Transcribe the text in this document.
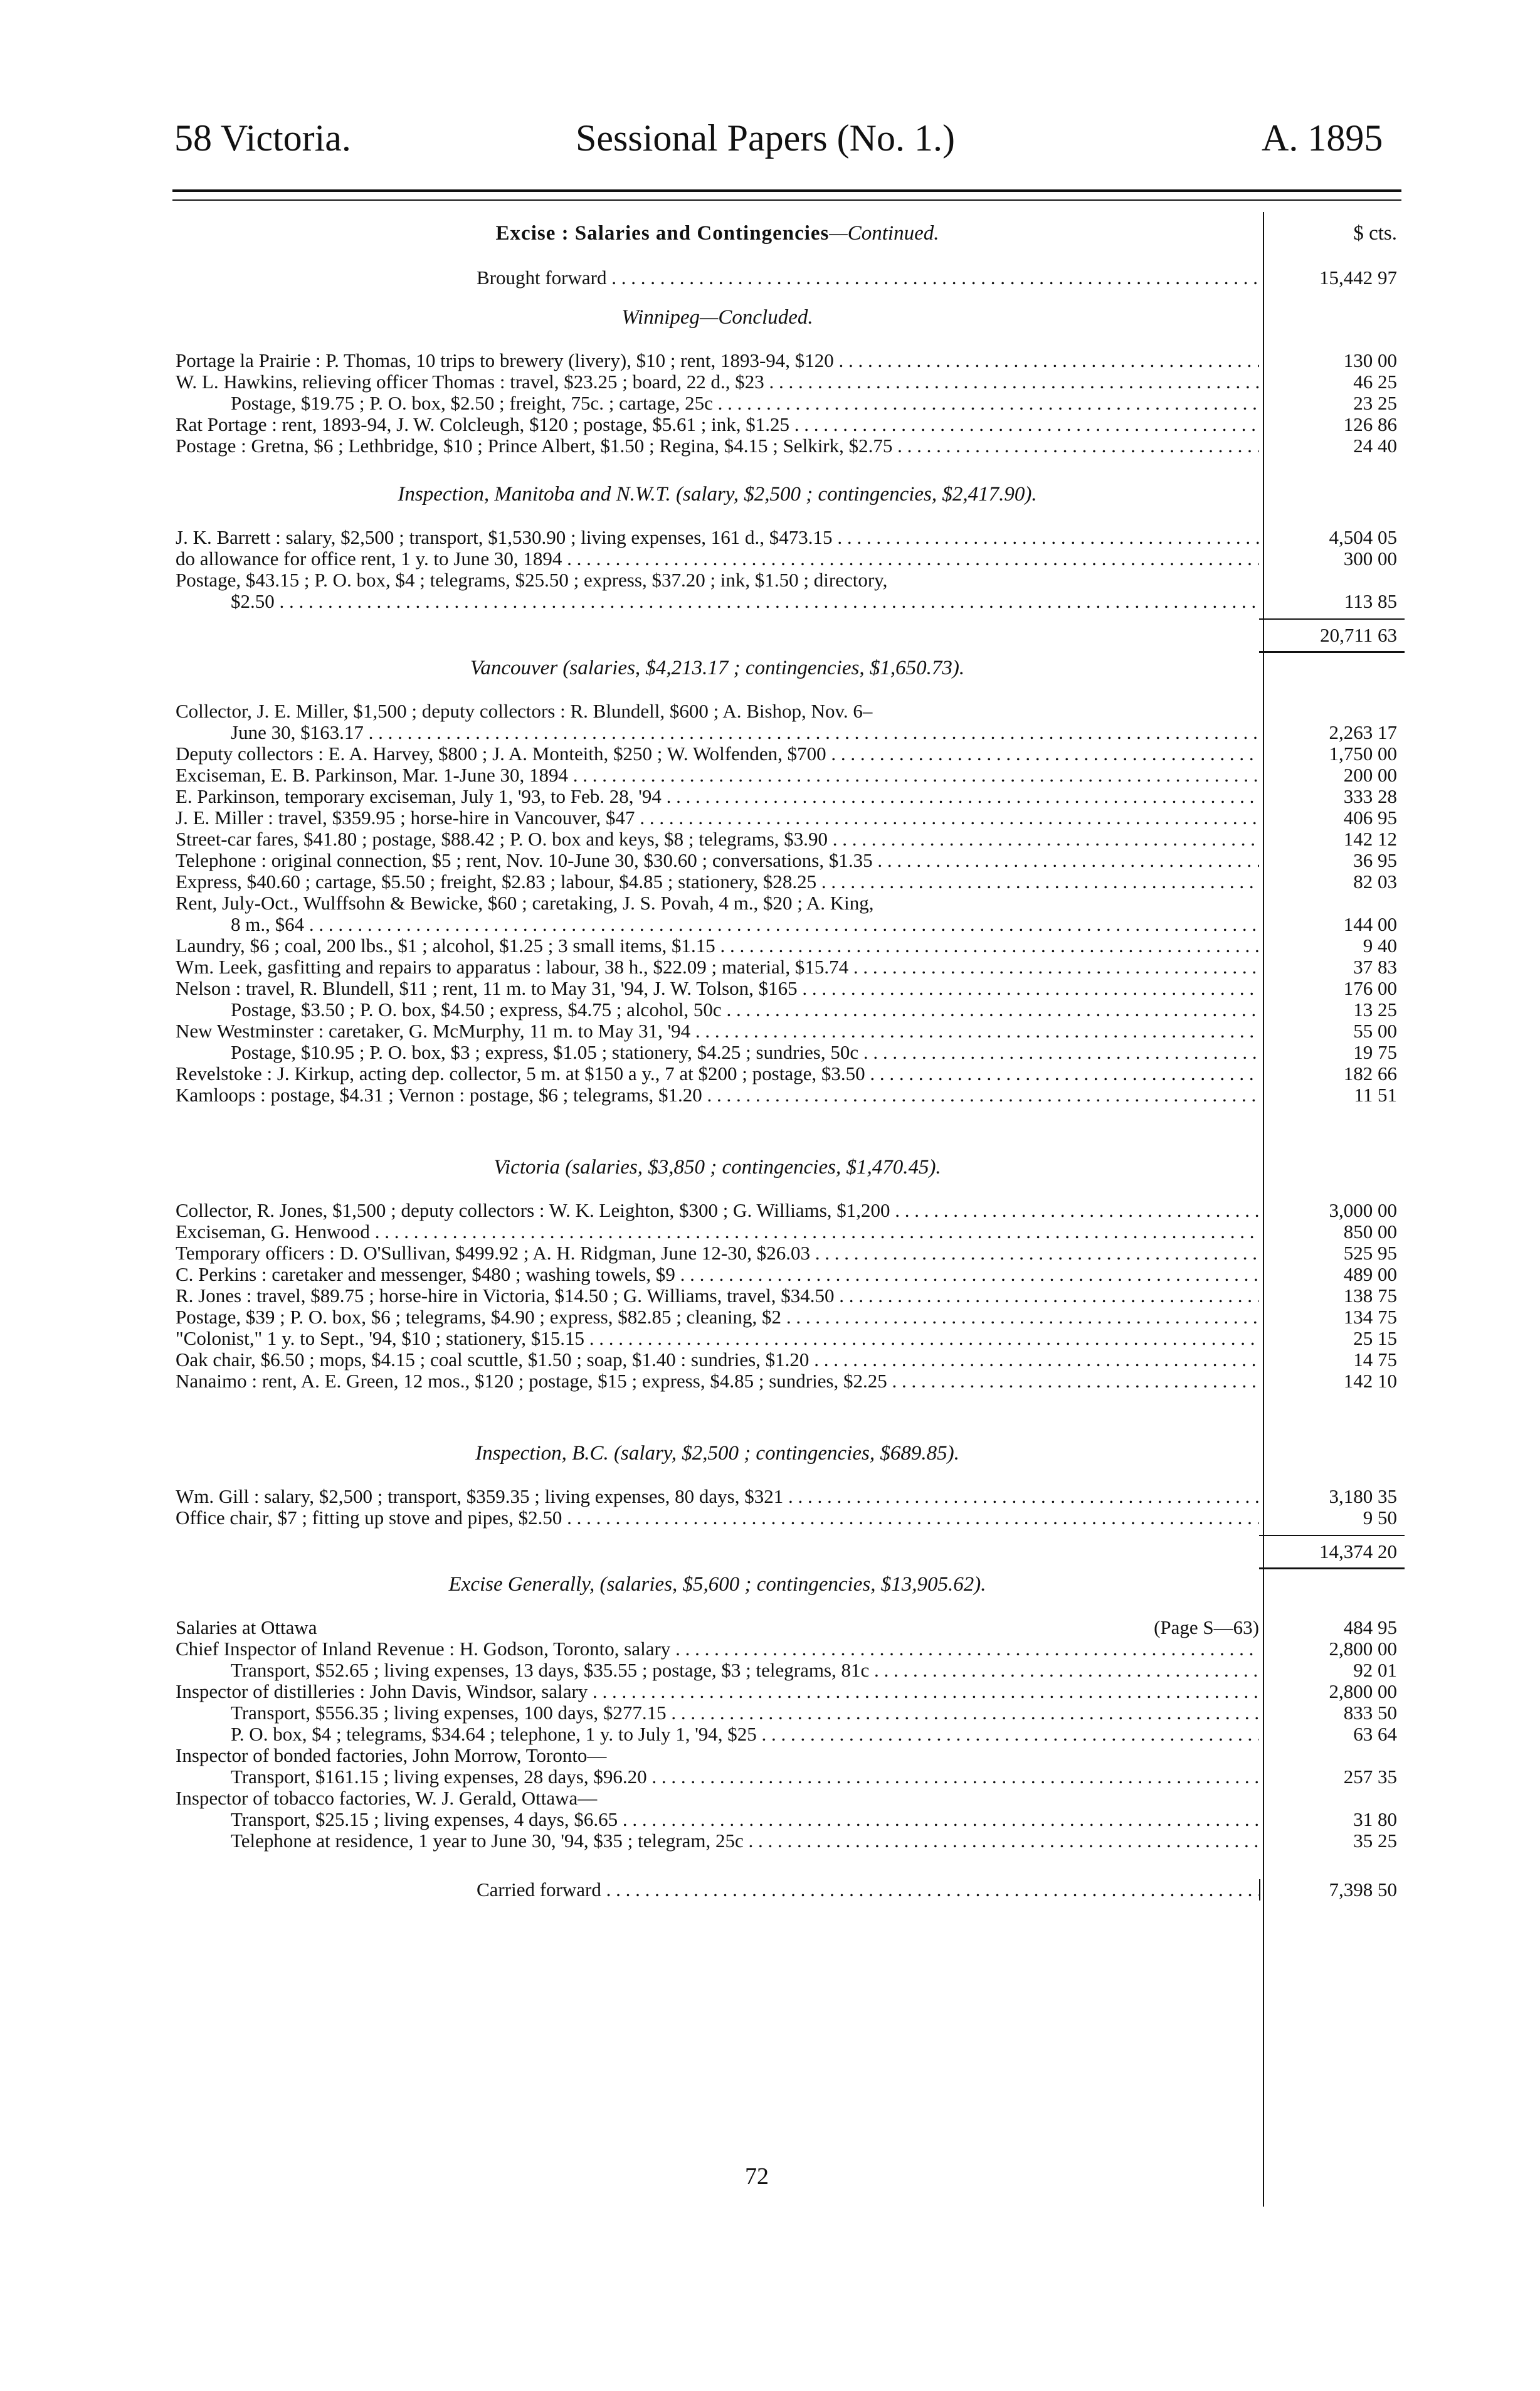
58 Victoria.	Sessional Papers (No. 1.)	A. 1895
Excise : Salaries and Contingencies—Continued.	$ cts.
Brought forward . . .	15,442 97
Winnipeg—Concluded.
Portage la Prairie : P. Thomas, 10 trips to brewery (livery), $10 ; rent, 1893-94, $120 . . .	130 00
W. L. Hawkins, relieving officer Thomas : travel, $23.25 ; board, 22 d., $23 . . .	46 25
Postage, $19.75 ; P. O. box, $2.50 ; freight, 75c. ; cartage, 25c . . .	23 25
Rat Portage : rent, 1893-94, J. W. Colcleugh, $120 ; postage, $5.61 ; ink, $1.25 . . .	126 86
Postage : Gretna, $6 ; Lethbridge, $10 ; Prince Albert, $1.50 ; Regina, $4.15 ; Selkirk, $2.75 . . .	24 40
Inspection, Manitoba and N.W.T. (salary, $2,500 ; contingencies, $2,417.90).
J. K. Barrett : salary, $2,500 ; transport, $1,530.90 ; living expenses, 161 d., $473.15 . . .	4,504 05
do allowance for office rent, 1 y. to June 30, 1894 . . .	300 00
Postage, $43.15 ; P. O. box, $4 ; telegrams, $25.50 ; express, $37.20 ; ink, $1.50 ; directory,
$2.50 . . .	113 85
20,711 63
Vancouver (salaries, $4,213.17 ; contingencies, $1,650.73).
Collector, J. E. Miller, $1,500 ; deputy collectors : R. Blundell, $600 ; A. Bishop, Nov. 6–
June 30, $163.17 . . .	2,263 17
Deputy collectors : E. A. Harvey, $800 ; J. A. Monteith, $250 ; W. Wolfenden, $700 . . .	1,750 00
Exciseman, E. B. Parkinson, Mar. 1-June 30, 1894 . . .	200 00
E. Parkinson, temporary exciseman, July 1, '93, to Feb. 28, '94 . . .	333 28
J. E. Miller : travel, $359.95 ; horse-hire in Vancouver, $47 . . .	406 95
Street-car fares, $41.80 ; postage, $88.42 ; P. O. box and keys, $8 ; telegrams, $3.90 . . .	142 12
Telephone : original connection, $5 ; rent, Nov. 10-June 30, $30.60 ; conversations, $1.35 . . .	36 95
Express, $40.60 ; cartage, $5.50 ; freight, $2.83 ; labour, $4.85 ; stationery, $28.25 . . .	82 03
Rent, July-Oct., Wulffsohn & Bewicke, $60 ; caretaking, J. S. Povah, 4 m., $20 ; A. King,
8 m., $64 . . .	144 00
Laundry, $6 ; coal, 200 lbs., $1 ; alcohol, $1.25 ; 3 small items, $1.15 . . .	9 40
Wm. Leek, gasfitting and repairs to apparatus : labour, 38 h., $22.09 ; material, $15.74 . . .	37 83
Nelson : travel, R. Blundell, $11 ; rent, 11 m. to May 31, '94, J. W. Tolson, $165 . . .	176 00
Postage, $3.50 ; P. O. box, $4.50 ; express, $4.75 ; alcohol, 50c . . .	13 25
New Westminster : caretaker, G. McMurphy, 11 m. to May 31, '94 . . .	55 00
Postage, $10.95 ; P. O. box, $3 ; express, $1.05 ; stationery, $4.25 ; sundries, 50c . . .	19 75
Revelstoke : J. Kirkup, acting dep. collector, 5 m. at $150 a y., 7 at $200 ; postage, $3.50 . . .	182 66
Kamloops : postage, $4.31 ; Vernon : postage, $6 ; telegrams, $1.20 . . .	11 51
Victoria (salaries, $3,850 ; contingencies, $1,470.45).
Collector, R. Jones, $1,500 ; deputy collectors : W. K. Leighton, $300 ; G. Williams, $1,200 . . .	3,000 00
Exciseman, G. Henwood . . .	850 00
Temporary officers : D. O'Sullivan, $499.92 ; A. H. Ridgman, June 12-30, $26.03 . . .	525 95
C. Perkins : caretaker and messenger, $480 ; washing towels, $9 . . .	489 00
R. Jones : travel, $89.75 ; horse-hire in Victoria, $14.50 ; G. Williams, travel, $34.50 . . .	138 75
Postage, $39 ; P. O. box, $6 ; telegrams, $4.90 ; express, $82.85 ; cleaning, $2 . . .	134 75
"Colonist," 1 y. to Sept., '94, $10 ; stationery, $15.15 . . .	25 15
Oak chair, $6.50 ; mops, $4.15 ; coal scuttle, $1.50 ; soap, $1.40 : sundries, $1.20 . . .	14 75
Nanaimo : rent, A. E. Green, 12 mos., $120 ; postage, $15 ; express, $4.85 ; sundries, $2.25 . . .	142 10
Inspection, B.C. (salary, $2,500 ; contingencies, $689.85).
Wm. Gill : salary, $2,500 ; transport, $359.35 ; living expenses, 80 days, $321 . . .	3,180 35
Office chair, $7 ; fitting up stove and pipes, $2.50 . . .	9 50
14,374 20
Excise Generally, (salaries, $5,600 ; contingencies, $13,905.62).
Salaries at Ottawa	(Page S—63)	484 95
Chief Inspector of Inland Revenue : H. Godson, Toronto, salary . . .	2,800 00
Transport, $52.65 ; living expenses, 13 days, $35.55 ; postage, $3 ; telegrams, 81c . . .	92 01
Inspector of distilleries : John Davis, Windsor, salary . . .	2,800 00
Transport, $556.35 ; living expenses, 100 days, $277.15 . . .	833 50
P. O. box, $4 ; telegrams, $34.64 ; telephone, 1 y. to July 1, '94, $25 . . .	63 64
Inspector of bonded factories, John Morrow, Toronto—
Transport, $161.15 ; living expenses, 28 days, $96.20 . . .	257 35
Inspector of tobacco factories, W. J. Gerald, Ottawa—
Transport, $25.15 ; living expenses, 4 days, $6.65 . . .	31 80
Telephone at residence, 1 year to June 30, '94, $35 ; telegram, 25c . . .	35 25
Carried forward . . .	7,398 50
72
